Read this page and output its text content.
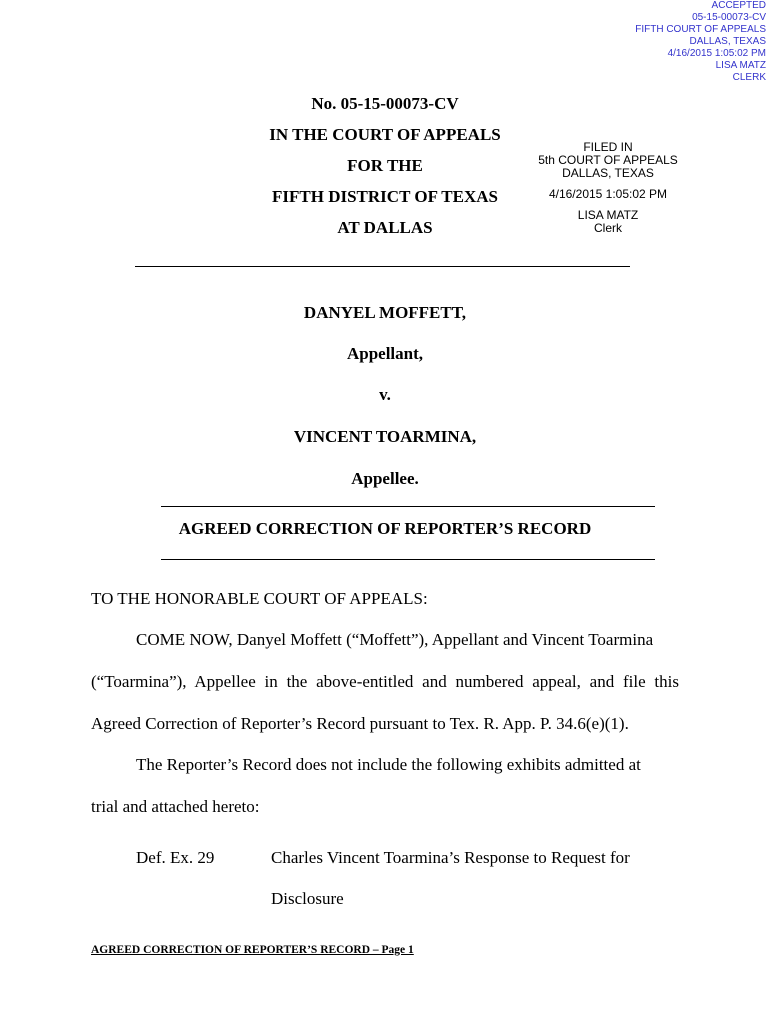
ACCEPTED
05-15-00073-CV
FIFTH COURT OF APPEALS
DALLAS, TEXAS
4/16/2015 1:05:02 PM
LISA MATZ
CLERK
FILED IN
5th COURT OF APPEALS
DALLAS, TEXAS
4/16/2015 1:05:02 PM
LISA MATZ
Clerk
No. 05-15-00073-CV
IN THE COURT OF APPEALS
FOR THE
FIFTH DISTRICT OF TEXAS
AT DALLAS
DANYEL MOFFETT,
Appellant,
v.
VINCENT TOARMINA,
Appellee.
AGREED CORRECTION OF REPORTER’S RECORD
TO THE HONORABLE COURT OF APPEALS:
COME NOW, Danyel Moffett (“Moffett”), Appellant and Vincent Toarmina
(“Toarmina”), Appellee in the above-entitled and numbered appeal, and file this
Agreed Correction of Reporter’s Record pursuant to Tex. R. App. P. 34.6(e)(1).
The Reporter’s Record does not include the following exhibits admitted at
trial and attached hereto:
Def. Ex. 29	Charles Vincent Toarmina’s Response to Request for
Disclosure
AGREED CORRECTION OF REPORTER’S RECORD – Page 1
